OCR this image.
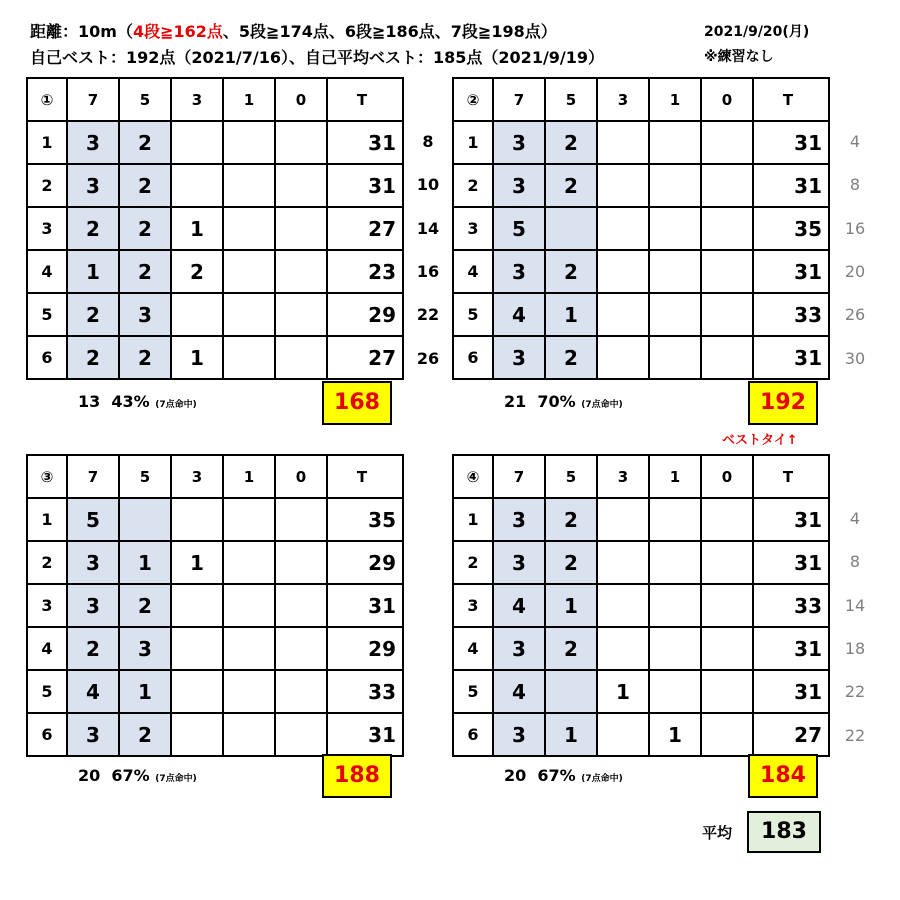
距離：10m（4段≧162点、5段≧174点、6段≧186点、7段≧198点）
自己ベスト：192点（2021/7/16）、自己平均ベスト：185点（2021/9/19）
2021/9/20(月)
※練習なし
①	7	5	3	1	0	T
1	3	2				31
2	3	2				31
3	2	2	1			27
4	1	2	2			23
5	2	3				29
6	2	2	1			27
13 43% (7点命中)	168
8	4
10	8
14	16
16	20
22	26
26	30
②	7	5	3	1	0	T
1	3	2				31
2	3	2				31
3	5					35
4	3	2				31
5	4	1				33
6	3	2				31
21 70% (7点命中)	192
ベストタイ↑
③	7	5	3	1	0	T
1	5					35
2	3	1	1			29
3	3	2				31
4	2	3				29
5	4	1				33
6	3	2				31
20 67% (7点命中)	188
4
8
14
18
22
22
④	7	5	3	1	0	T
1	3	2				31
2	3	2				31
3	4	1				33
4	3	2				31
5	4		1			31
6	3	1		1		27
20 67% (7点命中)	184
平均	183
